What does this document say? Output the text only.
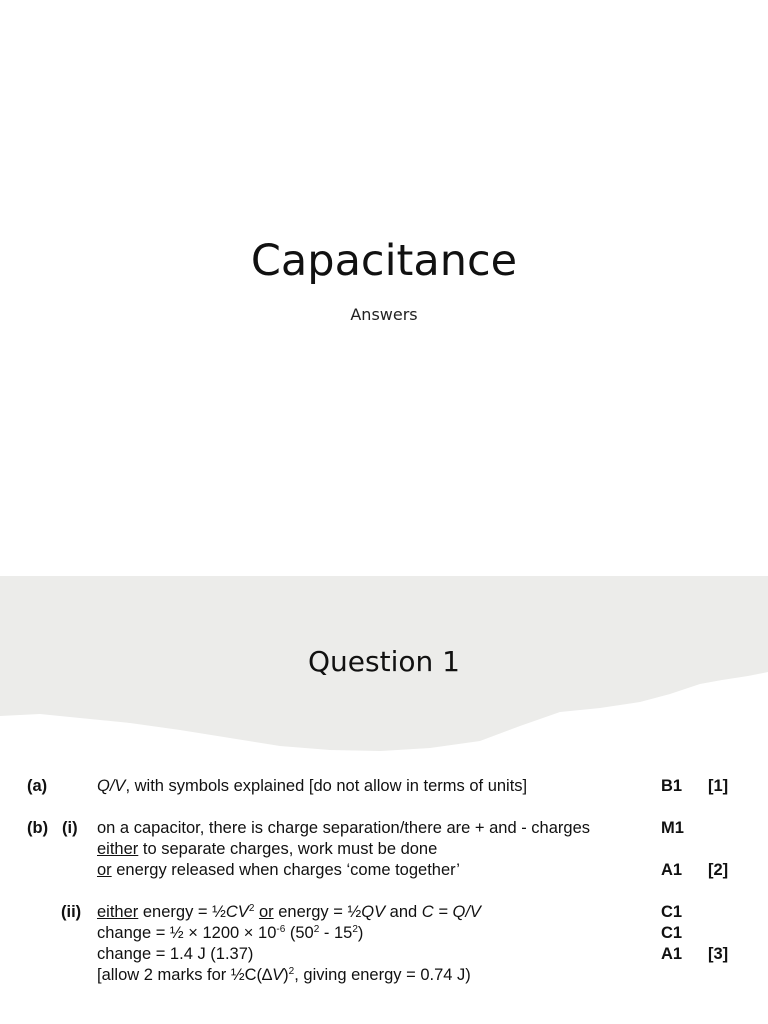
Capacitance
Answers
Question 1
(a)	Q/V, with symbols explained [do not allow in terms of units]	B1 [1]
(b) (i) on a capacitor, there is charge separation/there are + and - charges
either to separate charges, work must be done
or energy released when charges ‘come together’
M1
A1 [2]
(ii) either energy = $\frac{1}{2}CV^2$ or energy = ½QV and C = Q/V
change = ½ × $1200 \times 10^{-6}$ $(50^2 - 15^2)$
change = 1.4 J (1.37)
[allow 2 marks for $\frac{1}{2}C(\Delta V)^2$, giving energy = 0.74 J)
C1
C1
A1 [3]
